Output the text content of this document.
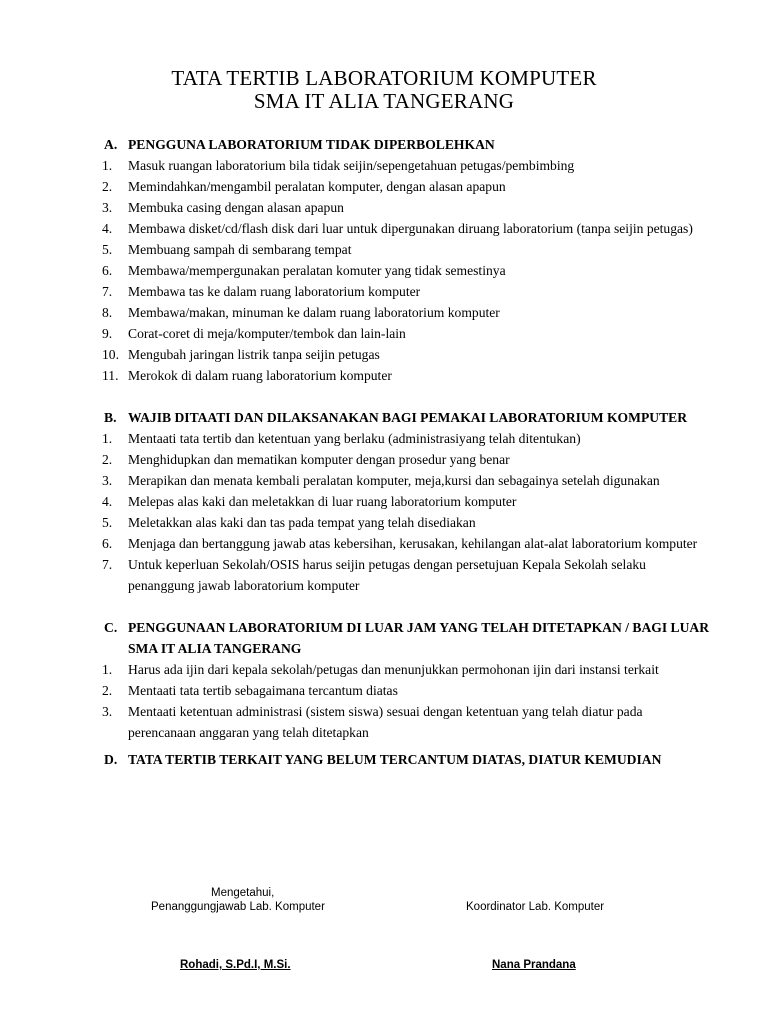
TATA TERTIB LABORATORIUM KOMPUTER
SMA IT ALIA TANGERANG
A. PENGGUNA LABORATORIUM TIDAK DIPERBOLEHKAN
1. Masuk ruangan laboratorium bila tidak seijin/sepengetahuan petugas/pembimbing
2. Memindahkan/mengambil peralatan komputer, dengan alasan apapun
3. Membuka casing dengan alasan apapun
4. Membawa disket/cd/flash disk dari luar untuk dipergunakan diruang laboratorium (tanpa seijin petugas)
5. Membuang sampah di sembarang tempat
6. Membawa/mempergunakan peralatan komuter yang tidak semestinya
7. Membawa tas ke dalam ruang laboratorium komputer
8. Membawa/makan, minuman ke dalam ruang laboratorium komputer
9. Corat-coret di meja/komputer/tembok dan lain-lain
10. Mengubah jaringan listrik tanpa seijin petugas
11. Merokok di dalam ruang laboratorium komputer
B. WAJIB DITAATI DAN DILAKSANAKAN BAGI PEMAKAI LABORATORIUM KOMPUTER
1. Mentaati tata tertib dan ketentuan yang berlaku (administrasiyang telah ditentukan)
2. Menghidupkan dan mematikan komputer dengan prosedur yang benar
3. Merapikan dan menata kembali peralatan komputer, meja,kursi dan sebagainya setelah digunakan
4. Melepas alas kaki dan meletakkan di luar ruang laboratorium komputer
5. Meletakkan alas kaki dan tas pada tempat yang telah disediakan
6. Menjaga dan bertanggung jawab atas kebersihan, kerusakan, kehilangan alat-alat laboratorium komputer
7. Untuk keperluan Sekolah/OSIS harus seijin petugas dengan persetujuan Kepala Sekolah selaku penanggung jawab laboratorium komputer
C. PENGGUNAAN LABORATORIUM DI LUAR JAM YANG TELAH DITETAPKAN / BAGI LUAR SMA IT ALIA TANGERANG
1. Harus ada ijin dari kepala sekolah/petugas dan menunjukkan permohonan ijin dari instansi terkait
2. Mentaati tata tertib sebagaimana tercantum diatas
3. Mentaati ketentuan administrasi (sistem siswa) sesuai dengan ketentuan yang telah diatur pada perencanaan anggaran yang telah ditetapkan
D. TATA TERTIB TERKAIT YANG BELUM TERCANTUM DIATAS, DIATUR KEMUDIAN
Mengetahui,
Penanggungjawab Lab. Komputer	Koordinator Lab. Komputer
Rohadi, S.Pd.I, M.Si.	Nana Prandana
